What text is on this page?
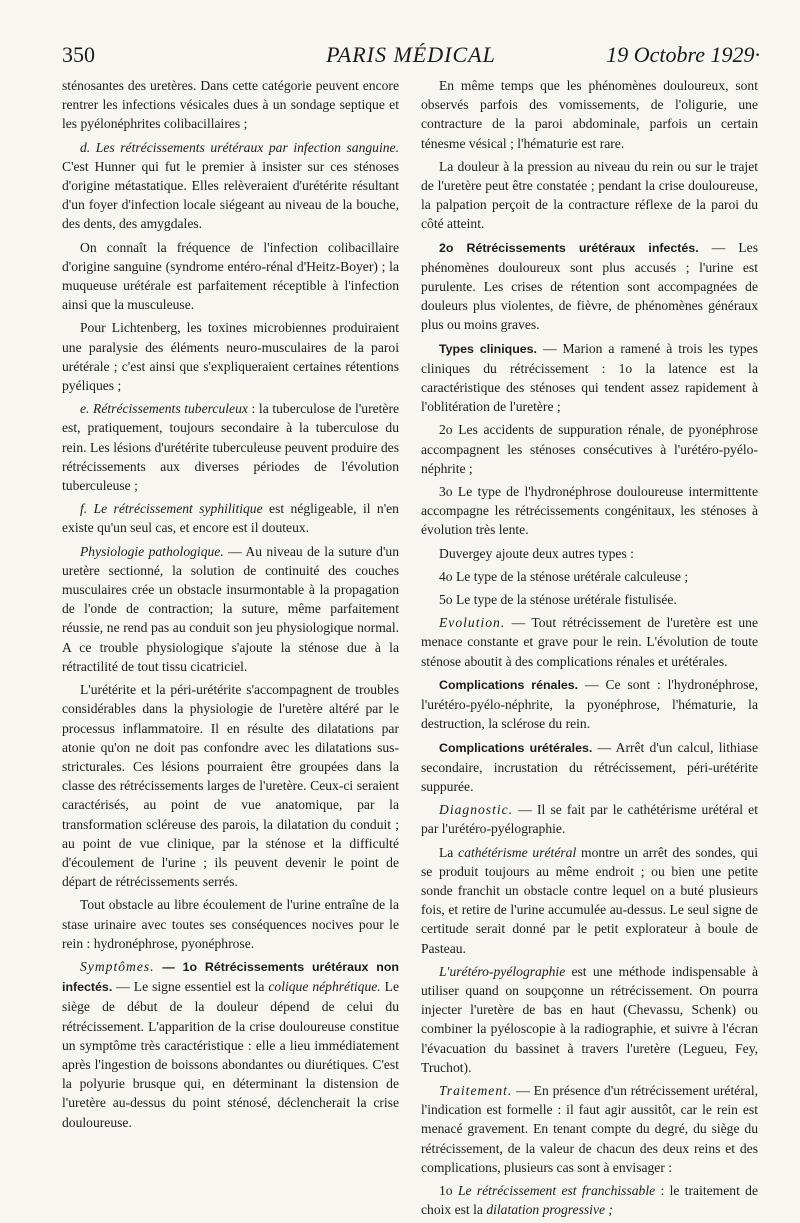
350	PARIS MÉDICAL	19 Octobre 1929·

sténosantes des uretères. Dans cette catégorie peuvent encore rentrer les infections vésicales dues à un sondage septique et les pyélonéphrites colibacillaires ;

d. Les rétrécissements urétéraux par infection sanguine. C'est Hunner qui fut le premier à insister sur ces sténoses d'origine métastatique. Elles relèveraient d'urétérite résultant d'un foyer d'infection locale siégeant au niveau de la bouche, des dents, des amygdales.

On connaît la fréquence de l'infection colibacillaire d'origine sanguine (syndrome entéro-rénal d'Heitz-Boyer) ; la muqueuse urétérale est parfaitement réceptible à l'infection ainsi que la musculeuse.

Pour Lichtenberg, les toxines microbiennes produiraient une paralysie des éléments neuro-musculaires de la paroi urétérale ; c'est ainsi que s'expliqueraient certaines rétentions pyéliques ;

e. Rétrécissements tuberculeux : la tuberculose de l'uretère est, pratiquement, toujours secondaire à la tuberculose du rein. Les lésions d'urétérite tuberculeuse peuvent produire des rétrécissements aux diverses périodes de l'évolution tuberculeuse ;

f. Le rétrécissement syphilitique est négligeable, il n'en existe qu'un seul cas, et encore est il douteux.

Physiologie pathologique. — Au niveau de la suture d'un uretère sectionné, la solution de continuité des couches musculaires crée un obstacle insurmontable à la propagation de l'onde de contraction; la suture, même parfaitement réussie, ne rend pas au conduit son jeu physiologique normal. A ce trouble physiologique s'ajoute la sténose due à la rétractilité de tout tissu cicatriciel.

L'urétérite et la péri-urétérite s'accompagnent de troubles considérables dans la physiologie de l'uretère altéré par le processus inflammatoire. Il en résulte des dilatations par atonie qu'on ne doit pas confondre avec les dilatations sus-stricturales. Ces lésions pourraient être groupées dans la classe des rétrécissements larges de l'uretère. Ceux-ci seraient caractérisés, au point de vue anatomique, par la transformation scléreuse des parois, la dilatation du conduit ; au point de vue clinique, par la sténose et la difficulté d'écoulement de l'urine ; ils peuvent devenir le point de départ de rétrécissements serrés.

Tout obstacle au libre écoulement de l'urine entraîne de la stase urinaire avec toutes ses conséquences nocives pour le rein : hydronéphrose, pyonéphrose.

Symptômes. — 1o Rétrécissements urétéraux non infectés. — Le signe essentiel est la colique néphrétique. Le siège de début de la douleur dépend de celui du rétrécissement. L'apparition de la crise douloureuse constitue un symptôme très caractéristique : elle a lieu immédiatement après l'ingestion de boissons abondantes ou diurétiques. C'est la polyurie brusque qui, en déterminant la distension de l'uretère au-dessus du point sténosé, déclencherait la crise douloureuse.

En même temps que les phénomènes douloureux, sont observés parfois des vomissements, de l'oligurie, une contracture de la paroi abdominale, parfois un certain ténesme vésical ; l'hématurie est rare.

La douleur à la pression au niveau du rein ou sur le trajet de l'uretère peut être constatée ; pendant la crise douloureuse, la palpation perçoit de la contracture réflexe de la paroi du côté atteint.

2o Rétrécissements urétéraux infectés. — Les phénomènes douloureux sont plus accusés ; l'urine est purulente. Les crises de rétention sont accompagnées de douleurs plus violentes, de fièvre, de phénomènes généraux plus ou moins graves.

Types cliniques. — Marion a ramené à trois les types cliniques du rétrécissement : 1o la latence est la caractéristique des sténoses qui tendent assez rapidement à l'oblitération de l'uretère ;

2o Les accidents de suppuration rénale, de pyonéphrose accompagnent les sténoses consécutives à l'urétéro-pyélo-néphrite ;

3o Le type de l'hydronéphrose douloureuse intermittente accompagne les rétrécissements congénitaux, les sténoses à évolution très lente.

Duvergey ajoute deux autres types :

4o Le type de la sténose urétérale calculeuse ;

5o Le type de la sténose urétérale fistulisée.

Evolution. — Tout rétrécissement de l'uretère est une menace constante et grave pour le rein. L'évolution de toute sténose aboutit à des complications rénales et urétérales.

Complications rénales. — Ce sont : l'hydronéphrose, l'urétéro-pyélo-néphrite, la pyonéphrose, l'hématurie, la destruction, la sclérose du rein.

Complications urétérales. — Arrêt d'un calcul, lithiase secondaire, incrustation du rétrécissement, péri-urétérite suppurée.

Diagnostic. — Il se fait par le cathétérisme urétéral et par l'urétéro-pyélographie.

La cathétérisme urétéral montre un arrêt des sondes, qui se produit toujours au même endroit ; ou bien une petite sonde franchit un obstacle contre lequel on a buté plusieurs fois, et retire de l'urine accumulée au-dessus. Le seul signe de certitude serait donné par le petit explorateur à boule de Pasteau.

L'urétéro-pyélographie est une méthode indispensable à utiliser quand on soupçonne un rétrécissement. On pourra injecter l'uretère de bas en haut (Chevassu, Schenk) ou combiner la pyéloscopie à la radiographie, et suivre à l'écran l'évacuation du bassinet à travers l'uretère (Legueu, Fey, Truchot).

Traitement. — En présence d'un rétrécissement urétéral, l'indication est formelle : il faut agir aussitôt, car le rein est menacé gravement. En tenant compte du degré, du siège du rétrécissement, de la valeur de chacun des deux reins et des complications, plusieurs cas sont à envisager :

1o Le rétrécissement est franchissable : le traitement de choix est la dilatation progressive ;
